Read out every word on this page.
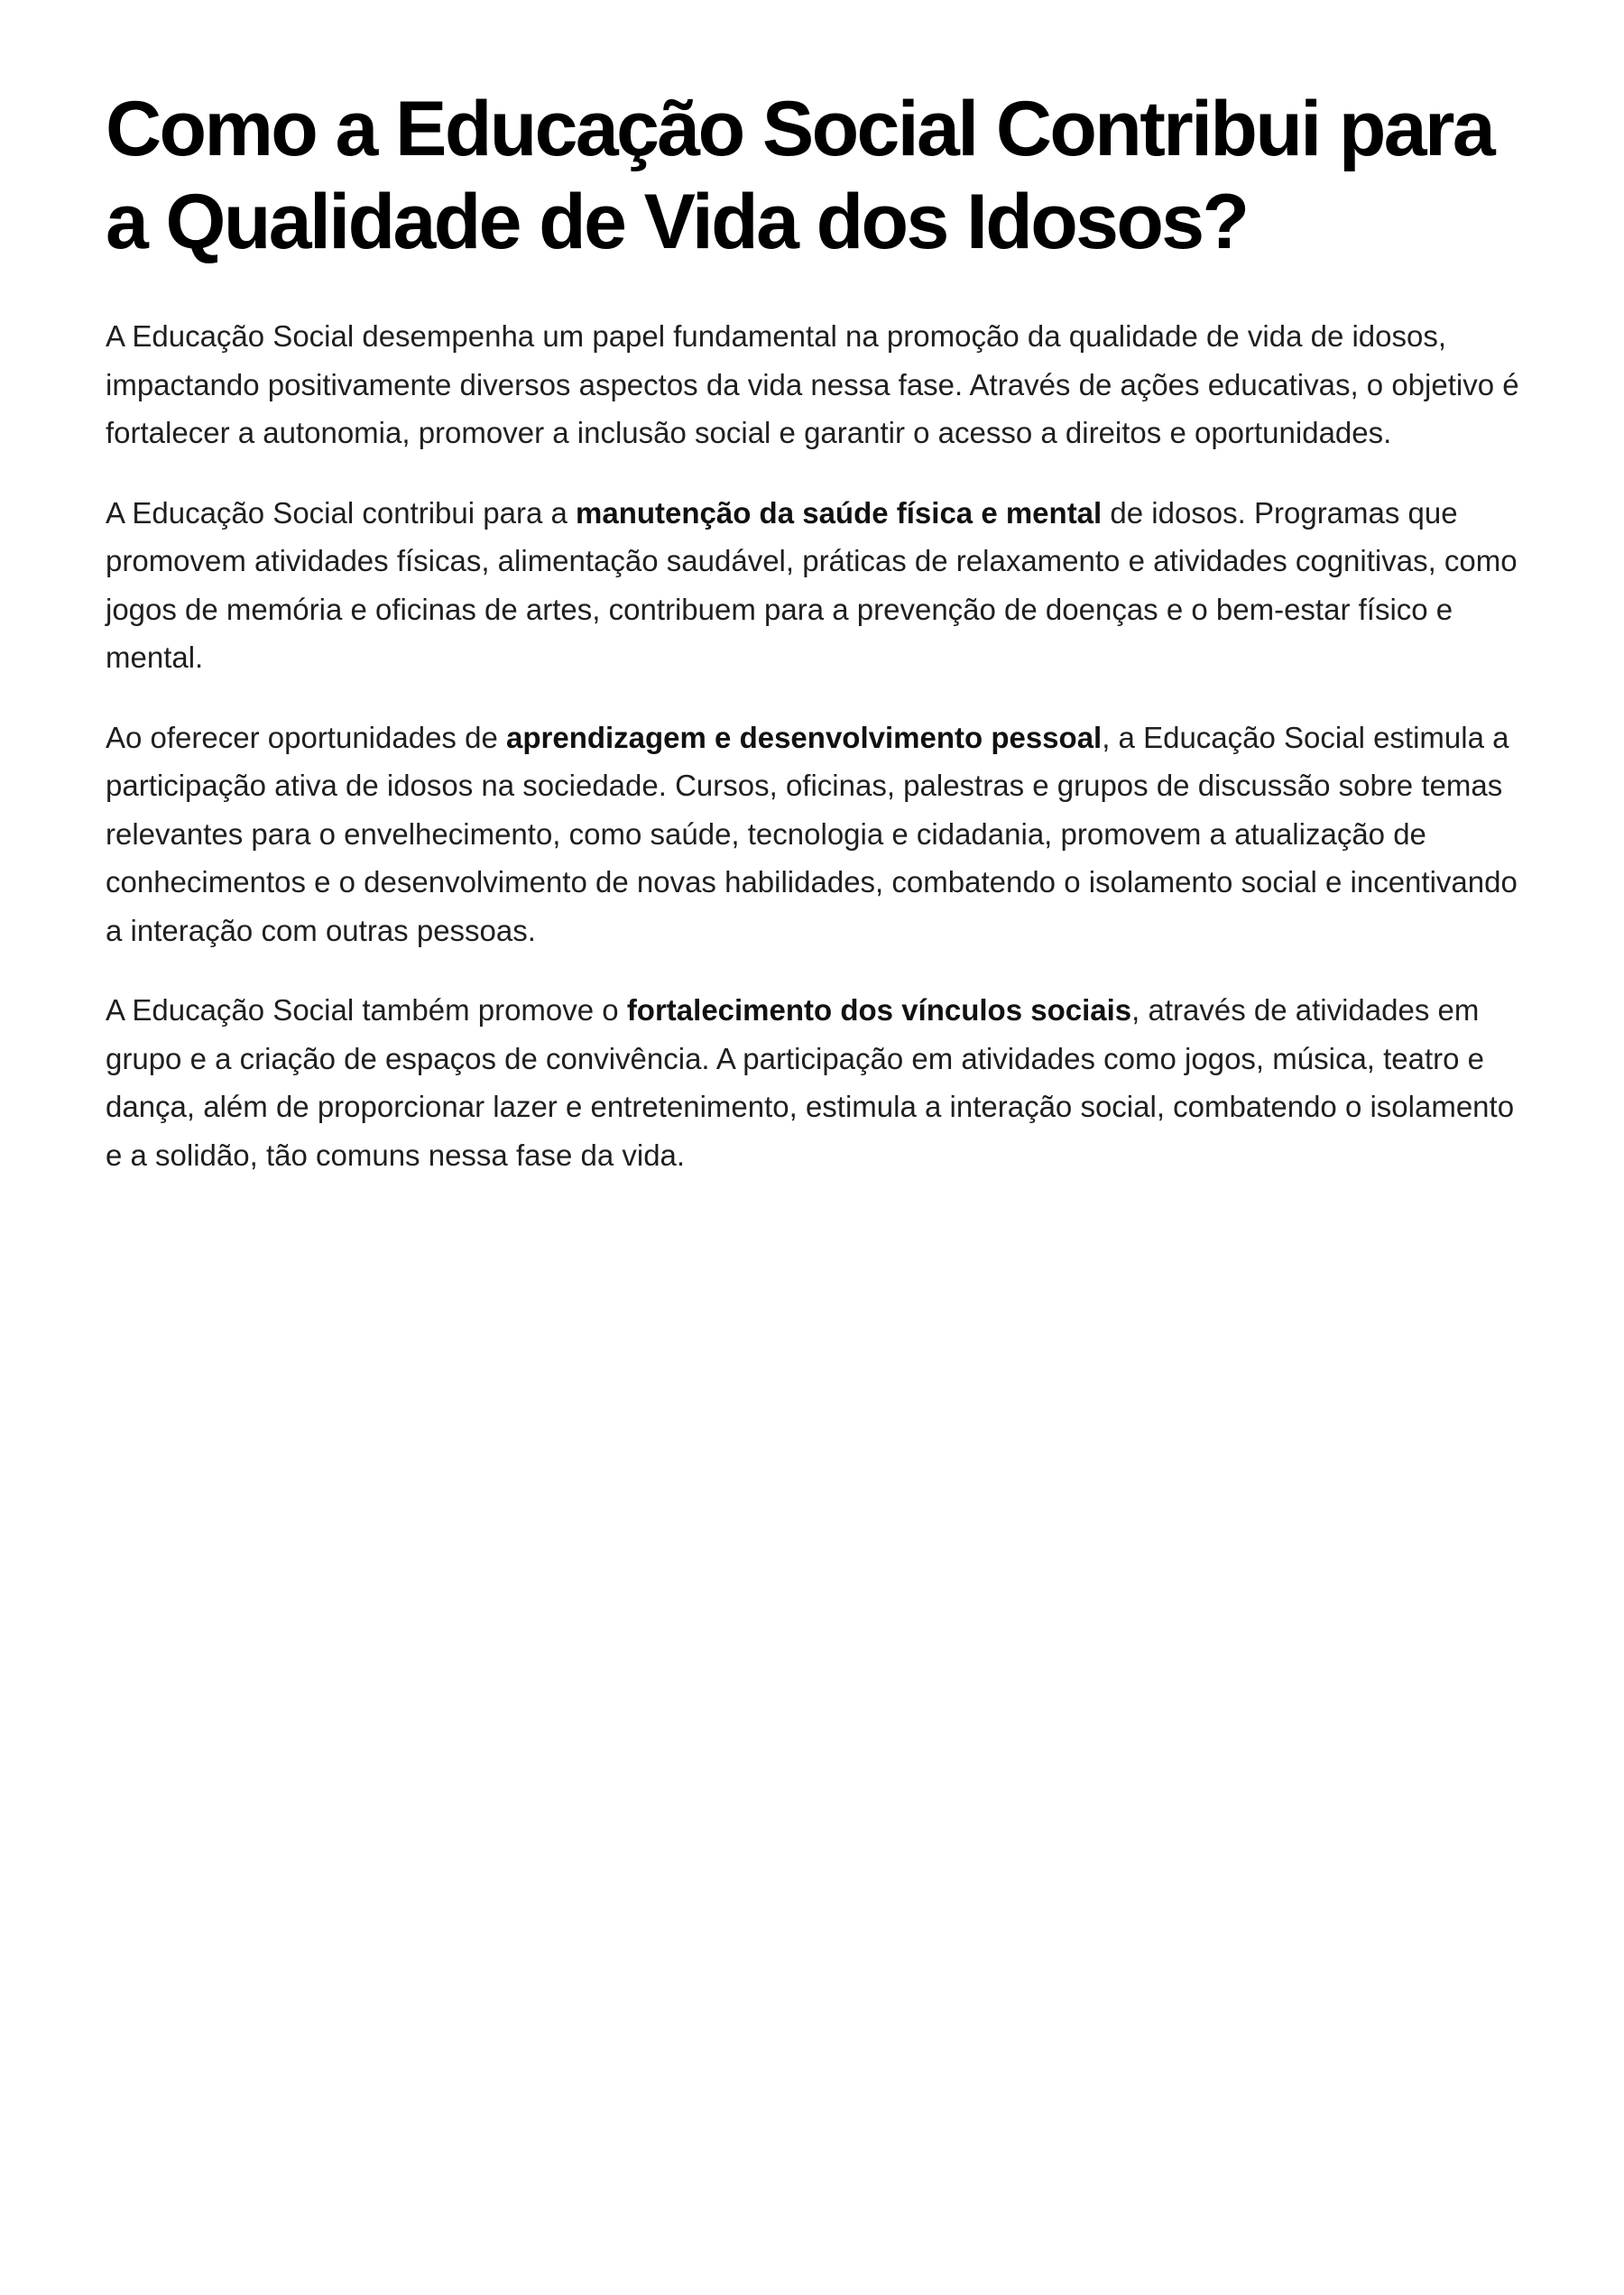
Como a Educação Social Contribui para a Qualidade de Vida dos Idosos?

A Educação Social desempenha um papel fundamental na promoção da qualidade de vida de idosos, impactando positivamente diversos aspectos da vida nessa fase. Através de ações educativas, o objetivo é fortalecer a autonomia, promover a inclusão social e garantir o acesso a direitos e oportunidades.

A Educação Social contribui para a manutenção da saúde física e mental de idosos. Programas que promovem atividades físicas, alimentação saudável, práticas de relaxamento e atividades cognitivas, como jogos de memória e oficinas de artes, contribuem para a prevenção de doenças e o bem-estar físico e mental.

Ao oferecer oportunidades de aprendizagem e desenvolvimento pessoal, a Educação Social estimula a participação ativa de idosos na sociedade. Cursos, oficinas, palestras e grupos de discussão sobre temas relevantes para o envelhecimento, como saúde, tecnologia e cidadania, promovem a atualização de conhecimentos e o desenvolvimento de novas habilidades, combatendo o isolamento social e incentivando a interação com outras pessoas.

A Educação Social também promove o fortalecimento dos vínculos sociais, através de atividades em grupo e a criação de espaços de convivência. A participação em atividades como jogos, música, teatro e dança, além de proporcionar lazer e entretenimento, estimula a interação social, combatendo o isolamento e a solidão, tão comuns nessa fase da vida.
